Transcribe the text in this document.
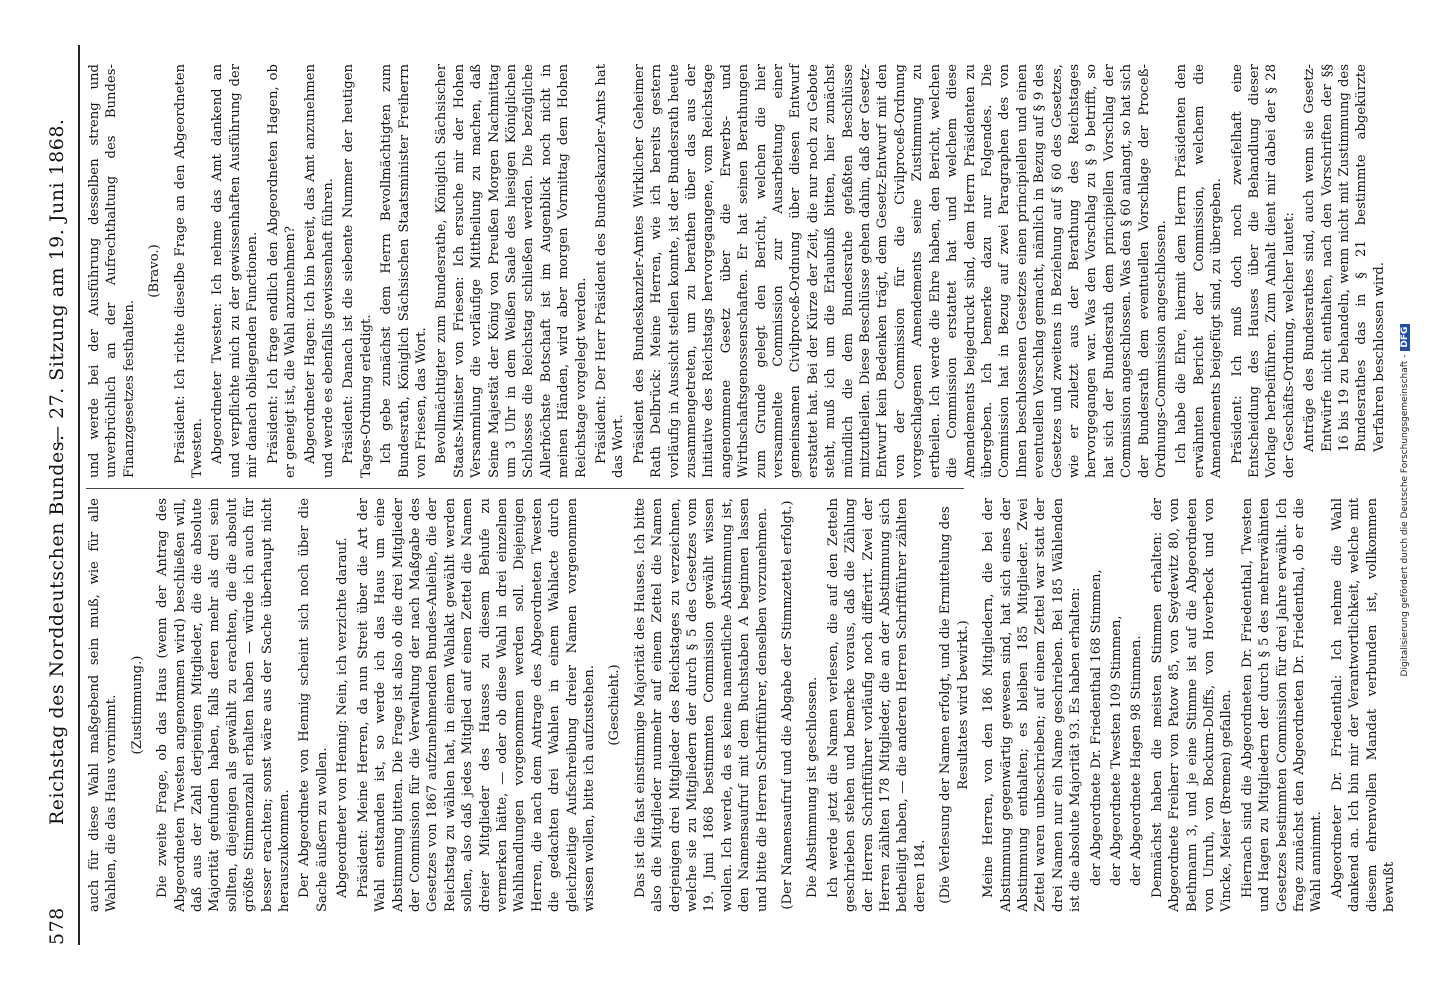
578
Reichstag des Norddeutschen Bundes.
— 27. Sitzung am 19. Juni 1868.

auch für diese Wahl maßgebend sein muß, wie für alle Wahlen, die das Haus vornimmt. (Zustimmung.) Die zweite Frage, ob das Haus (wenn der Antrag des Abgeordneten Twesten angenommen wird) beschließen will, daß aus der Zahl derjenigen Mitglieder, die die absolute Majorität gefunden haben, falls deren mehr als drei sein sollten, diejenigen als gewählt zu erachten, die die absolut größte Stimmenzahl erhalten haben — würde ich auch für besser erachten; sonst wäre aus der Sache überhaupt nicht herauszukommen. Der Abgeordnete von Hennig scheint sich noch über die Sache äußern zu wollen. Abgeordneter von Hennig: Nein, ich verzichte darauf. Präsident: Meine Herren, da nun Streit über die Art der Wahl entstanden ist, so werde ich das Haus um eine Abstimmung bitten. Die Frage ist also ob die drei Mitglieder der Commission für die Verwaltung der nach Maßgabe des Gesetzes von 1867 aufzunehmenden Bundes-Anleihe, die der Reichstag zu wählen hat, in einem Wahlakt gewählt werden sollen, also daß jedes Mitglied auf einen Zettel die Namen dreier Mitglieder des Hauses zu diesem Behufe zu vermerken hätte, — oder ob diese Wahl in drei einzelnen Wahlhandlungen vorgenommen werden soll. Diejenigen Herren, die nach dem Antrage des Abgeordneten Twesten die gedachten drei Wahlen in einem Wahlacte durch gleichzeitige Aufschreibung dreier Namen vorgenommen wissen wollen, bitte ich aufzustehen. (Geschieht.) Das ist die fast einstimmige Majorität des Hauses. Ich bitte also die Mitglieder nunmehr auf einem Zettel die Namen derjenigen drei Mitglieder des Reichstages zu verzeichnen, welche sie zu Mitgliedern der durch § 5 des Gesetzes vom 19. Juni 1868 bestimmten Commission gewählt wissen wollen. Ich werde, da es keine namentliche Abstimmung ist, den Namensaufruf mit dem Buchstaben A beginnen lassen und bitte die Herren Schriftführer, denselben vorzunehmen. (Der Namensaufruf und die Abgabe der Stimmzettel erfolgt.) Die Abstimmung ist geschlossen. Ich werde jetzt die Namen verlesen, die auf den Zetteln geschrieben stehen und bemerke voraus, daß die Zählung der Herren Schriftführer vorläufig noch differirt. Zwei der Herren zählten 178 Mitglieder, die an der Abstimmung sich betheiligt haben, — die anderen Herren Schriftführer zählten deren 184. (Die Verlesung der Namen erfolgt, und die Ermittelung des Resultates wird bewirkt.) Meine Herren, von den 186 Mitgliedern, die bei der Abstimmung gegenwärtig gewesen sind, hat sich eines der Abstimmung enthalten; es bleiben 185 Mitglieder. Zwei Zettel waren unbeschrieben; auf einem Zettel war statt der drei Namen nur ein Name geschrieben. Bei 185 Wählenden ist die absolute Majorität 93. Es haben erhalten: der Abgeordnete Dr. Friedenthal 168 Stimmen, der Abgeordnete Twesten 109 Stimmen, der Abgeordnete Hagen 98 Stimmen. Demnächst haben die meisten Stimmen erhalten: der Abgeordnete Freiherr von Patow 85, von Seydewitz 80, von Bethmann 3, und je eine Stimme ist auf die Abgeordneten von Unruh, von Bockum-Dolffs, von Hoverbeck und von Vincke, Meier (Bremen) gefallen. Hiernach sind die Abgeordneten Dr. Friedenthal, Twesten und Hagen zu Mitgliedern der durch § 5 des mehrerwähnten Gesetzes bestimmten Commission für drei Jahre erwählt. Ich frage zunächst den Abgeordneten Dr. Friedenthal, ob er die Wahl annimmt. Abgeordneter Dr. Friedenthal: Ich nehme die Wahl dankend an. Ich bin mir der Verantwortlichkeit, welche mit diesem ehrenvollen Mandat verbunden ist, vollkommen bewußt

und werde bei der Ausführung desselben streng und unverbrüchlich an der Aufrechthaltung des Bundes-Finanzgesetzes festhalten.

(Bravo.) Präsident: Ich richte dieselbe Frage an den Abgeordneten Twesten. Abgeordneter Twesten: Ich nehme das Amt dankend an und verpflichte mich zu der gewissenhaften Ausführung der mir danach obliegenden Functionen. Präsident: Ich frage endlich den Abgeordneten Hagen, ob er geneigt ist, die Wahl anzunehmen? Abgeordneter Hagen: Ich bin bereit, das Amt anzunehmen und werde es ebenfalls gewissenhaft führen. Präsident: Danach ist die siebente Nummer der heutigen Tages-Ordnung erledigt. Ich gebe zunächst dem Herrn Bevollmächtigten zum Bundesrath, Königlich Sächsischen Staatsminister Freiherrn von Friesen, das Wort. Bevollmächtigter zum Bundesrathe, Königlich Sächsischer Staats-Minister von Friesen: Ich ersuche mir der Hohen Versammlung die vorläufige Mittheilung zu machen, daß Seine Majestät der König von Preußen Morgen Nachmittag um 3 Uhr in dem Weißen Saale des hiesigen Königlichen Schlosses die Reichstag schließen werden. Die bezügliche Allerhöchste Botschaft ist im Augenblick noch nicht in meinen Händen, wird aber morgen Vormittag dem Hohen Reichstage vorgelegt werden. Präsident: Der Herr Präsident des Bundeskanzler-Amts hat das Wort. Präsident des Bundeskanzler-Amtes Wirklicher Geheimer Rath Delbrück: Meine Herren, wie ich bereits gestern vorläufig in Aussicht stellen konnte, ist der Bundesrath heute zusammengetreten, um zu berathen über das aus der Initiative des Reichstags hervorgegangene, vom Reichstage angenommene Gesetz über die Erwerbs- und Wirthschaftsgenossenschaften. Er hat seinen Berathungen zum Grunde gelegt den Bericht, welchen die hier versammelte Commission zur Ausarbeitung einer gemeinsamen Civilproceß-Ordnung über diesen Entwurf erstattet hat. Bei der Kürze der Zeit, die nur noch zu Gebote steht, muß ich um die Erlaubniß bitten, hier zunächst mündlich die dem Bundesrathe gefaßten Beschlüsse mitzutheilen. Diese Beschlüsse gehen dahin, daß der Gesetz-Entwurf kein Bedenken trägt, dem Gesetz-Entwurf mit den von der Commission für die Civilproceß-Ordnung vorgeschlagenen Amendements seine Zustimmung zu ertheilen. Ich werde die Ehre haben, den Bericht, welchen die Commission erstattet hat und welchem diese Amendements beigedruckt sind, dem Herrn Präsidenten zu übergeben. Ich bemerke dazu nur Folgendes. Die Commission hat in Bezug auf zwei Paragraphen des von Ihnen beschlossenen Gesetzes einen principiellen und einen eventuellen Vorschlag gemacht, nämlich in Bezug auf § 9 des Gesetzes und zweitens in Beziehung auf § 60 des Gesetzes, wie er zuletzt aus der Berathung des Reichstages hervorgegangen war. Was den Vorschlag zu § 9 betrifft, so hat sich der Bundesrath dem principiellen Vorschlag der Commission angeschlossen. Was den § 60 anlangt, so hat sich der Bundesrath dem eventuellen Vorschlage der Proceß-Ordnungs-Commission angeschlossen. Ich habe die Ehre, hiermit dem Herrn Präsidenten den erwähnten Bericht der Commission, welchem die Amendements beigefügt sind, zu übergeben. Präsident: Ich muß doch noch zweifelhaft eine Entscheidung des Hauses über die Behandlung dieser Vorlage herbeiführen. Zum Anhalt dient mir dabei der § 28 der Geschäfts-Ordnung, welcher lautet: Anträge des Bundesrathes sind, auch wenn sie Gesetz-Entwürfe nicht enthalten, nach den Vorschriften der §§ 16 bis 19 zu behandeln, wenn nicht mit Zustimmung des Bundesrathes das in § 21 bestimmte abgekürzte Verfahren beschlossen wird. Digitalisierung gefördert durch die Deutsche Forschungsgemeinschaft -DFG
